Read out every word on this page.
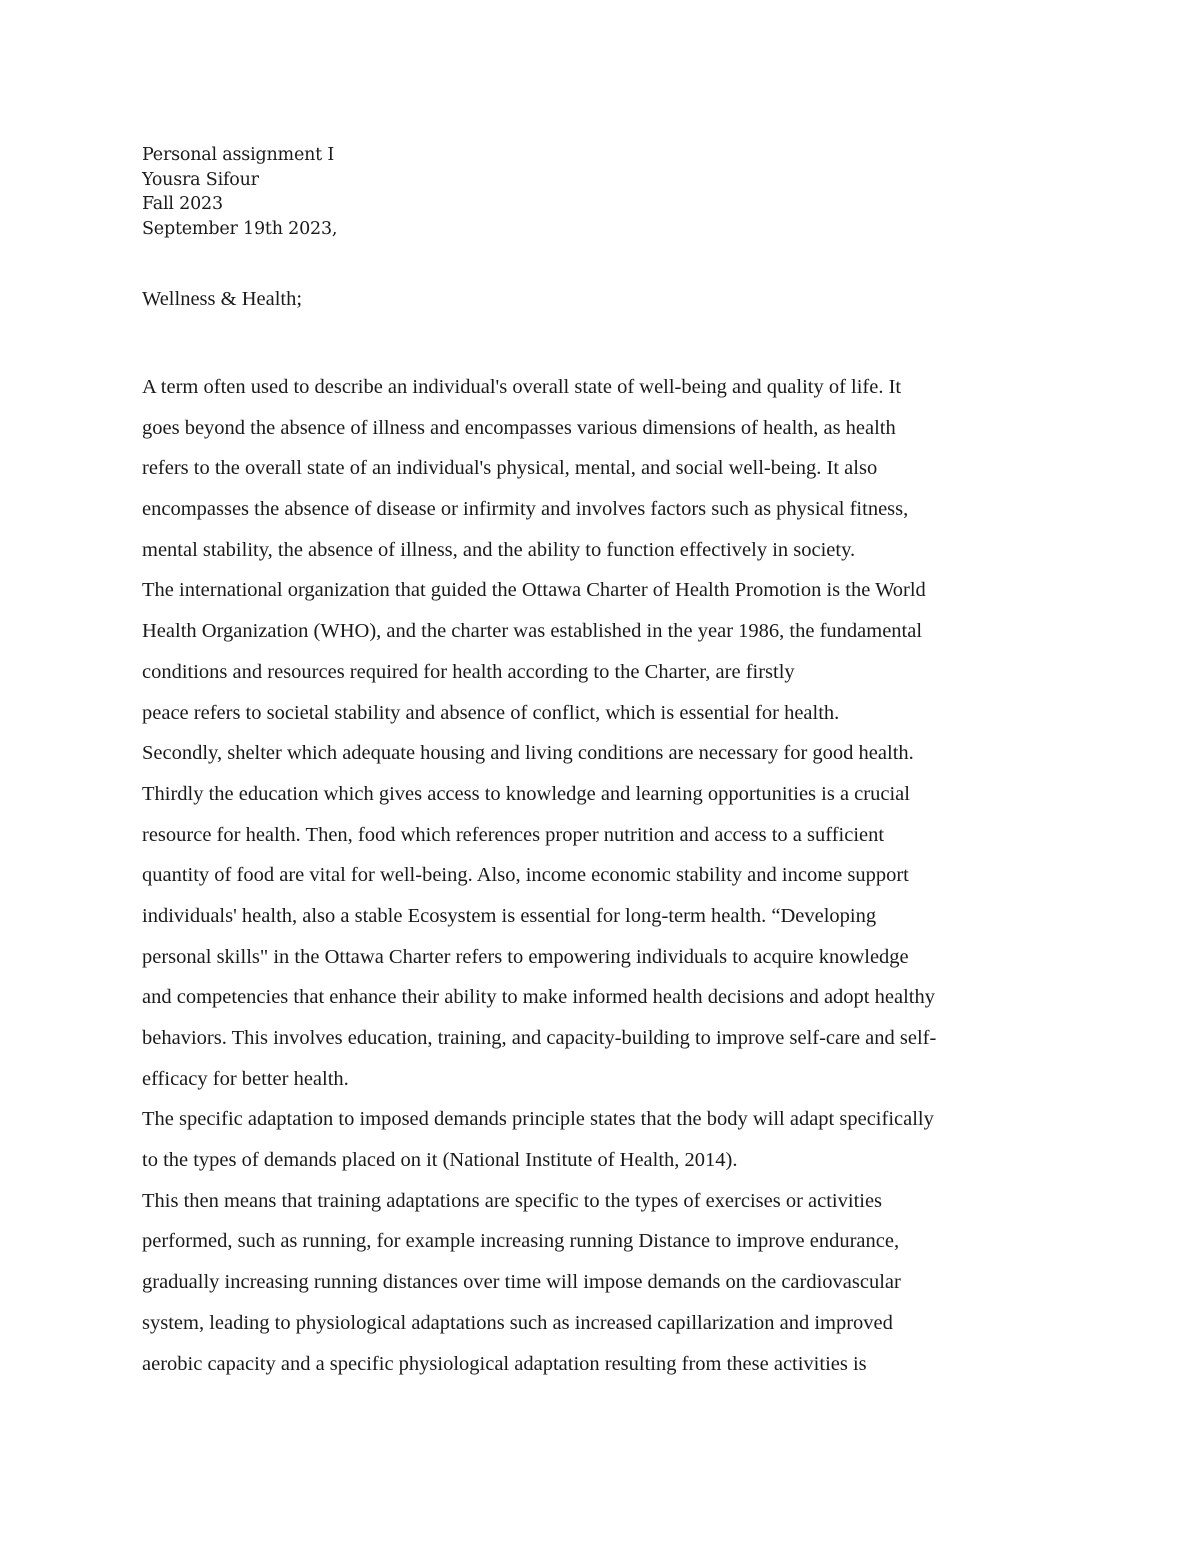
Personal assignment I
Yousra Sifour
Fall 2023
September 19th 2023,
Wellness & Health;
A term often used to describe an individual's overall state of well-being and quality of life. It
goes beyond the absence of illness and encompasses various dimensions of health, as health
refers to the overall state of an individual's physical, mental, and social well-being. It also
encompasses the absence of disease or infirmity and involves factors such as physical fitness,
mental stability, the absence of illness, and the ability to function effectively in society.
The international organization that guided the Ottawa Charter of Health Promotion is the World
Health Organization (WHO), and the charter was established in the year 1986, the fundamental
conditions and resources required for health according to the Charter, are firstly
peace refers to societal stability and absence of conflict, which is essential for health.
Secondly, shelter which adequate housing and living conditions are necessary for good health.
Thirdly the education which gives access to knowledge and learning opportunities is a crucial
resource for health. Then, food which references proper nutrition and access to a sufficient
quantity of food are vital for well-being. Also, income economic stability and income support
individuals' health, also a stable Ecosystem is essential for long-term health. “Developing
personal skills" in the Ottawa Charter refers to empowering individuals to acquire knowledge
and competencies that enhance their ability to make informed health decisions and adopt healthy
behaviors. This involves education, training, and capacity-building to improve self-care and self-
efficacy for better health.
The specific adaptation to imposed demands principle states that the body will adapt specifically
to the types of demands placed on it (National Institute of Health, 2014).
This then means that training adaptations are specific to the types of exercises or activities
performed, such as running, for example increasing running Distance to improve endurance,
gradually increasing running distances over time will impose demands on the cardiovascular
system, leading to physiological adaptations such as increased capillarization and improved
aerobic capacity and a specific physiological adaptation resulting from these activities is
